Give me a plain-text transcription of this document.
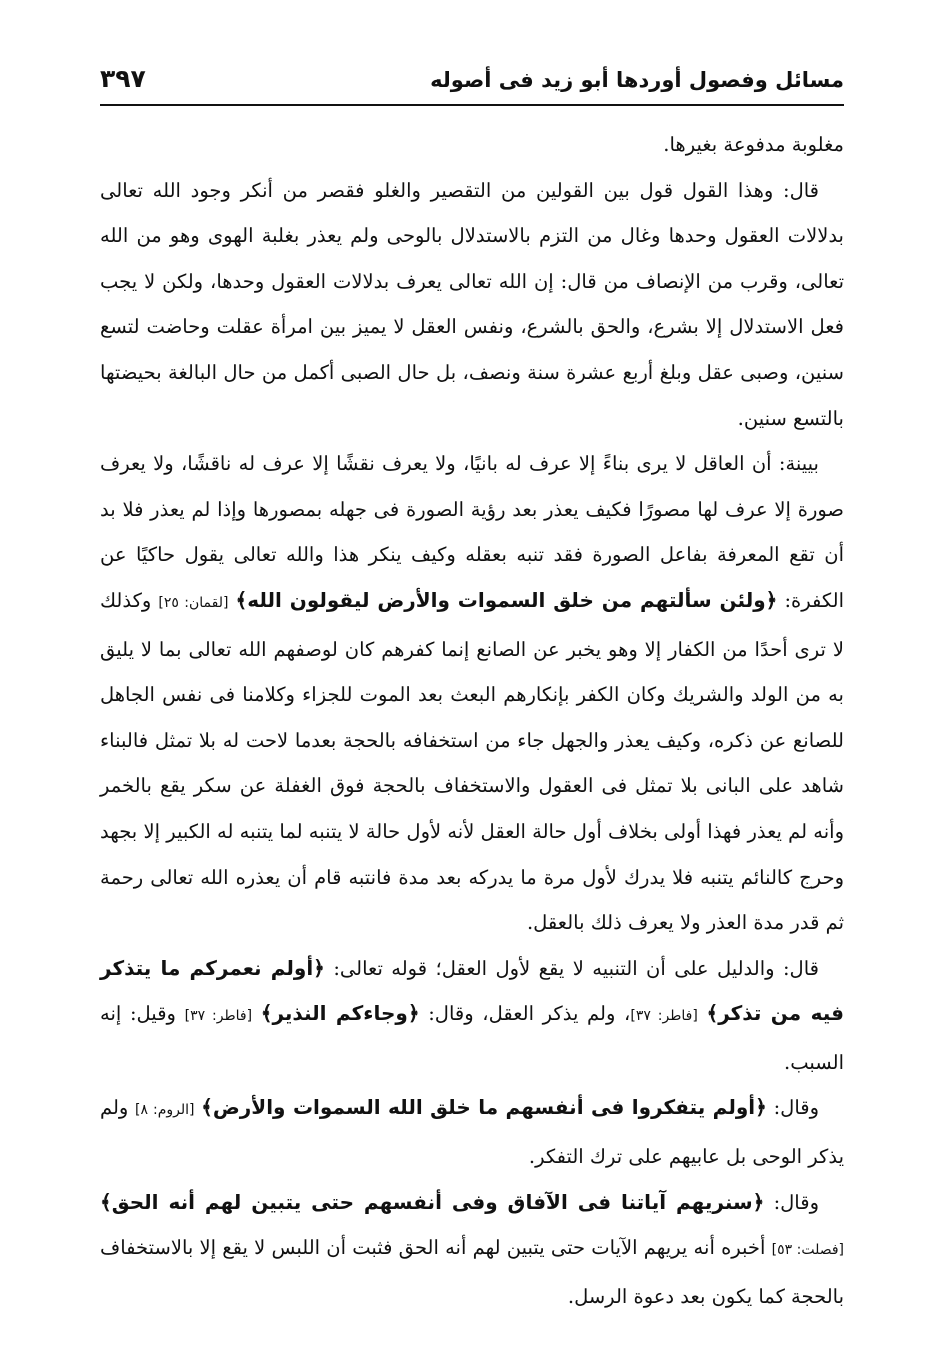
مسائل وفصول أوردها أبو زيد فى أصوله
٣٩٧

مغلوبة مدفوعة بغيرها.

قال: وهذا القول قول بين القولين من التقصير والغلو فقصر من أنكر وجود الله تعالى بدلالات العقول وحدها وغال من التزم بالاستدلال بالوحى ولم يعذر بغلبة الهوى وهو من الله تعالى، وقرب من الإنصاف من قال: إن الله تعالى يعرف بدلالات العقول وحدها، ولكن لا يجب فعل الاستدلال إلا بشرع، والحق بالشرع، ونفس العقل لا يميز بين امرأة عقلت وحاضت لتسع سنين، وصبى عقل وبلغ أربع عشرة سنة ونصف، بل حال الصبى أكمل من حال البالغة بحيضتها بالتسع سنين.

بيينة: أن العاقل لا يرى بناءً إلا عرف له بانيًا، ولا يعرف نقشًا إلا عرف له ناقشًا، ولا يعرف صورة إلا عرف لها مصورًا فكيف يعذر بعد رؤية الصورة فى جهله بمصورها وإذا لم يعذر فلا بد أن تقع المعرفة بفاعل الصورة فقد تنبه بعقله وكيف ينكر هذا والله تعالى يقول حاكيًا عن الكفرة: ﴿ولئن سألتهم من خلق السموات والأرض ليقولون الله﴾ [لقمان: ٢٥] وكذلك لا ترى أحدًا من الكفار إلا وهو يخبر عن الصانع إنما كفرهم كان لوصفهم الله تعالى بما لا يليق به من الولد والشريك وكان الكفر بإنكارهم البعث بعد الموت للجزاء وكلامنا فى نفس الجاهل للصانع عن ذكره، وكيف يعذر والجهل جاء من استخفافه بالحجة بعدما لاحت له بلا تمثل فالبناء شاهد على البانى بلا تمثل فى العقول والاستخفاف بالحجة فوق الغفلة عن سكر يقع بالخمر وأنه لم يعذر فهذا أولى بخلاف أول حالة العقل لأنه لأول حالة لا يتنبه لما يتنبه له الكبير إلا بجهد وحرج كالنائم يتنبه فلا يدرك لأول مرة ما يدركه بعد مدة فانتبه قام أن يعذره الله تعالى رحمة ثم قدر مدة العذر ولا يعرف ذلك بالعقل.

قال: والدليل على أن التنبيه لا يقع لأول العقل؛ قوله تعالى: ﴿أولم نعمركم ما يتذكر فيه من تذكر﴾ [فاطر: ٣٧]، ولم يذكر العقل، وقال: ﴿وجاءكم النذير﴾ [فاطر: ٣٧] وقيل: إنه السبب.

وقال: ﴿أولم يتفكروا فى أنفسهم ما خلق الله السموات والأرض﴾ [الروم: ٨] ولم يذكر الوحى بل عابيهم على ترك التفكر.

وقال: ﴿سنريهم آياتنا فى الآفاق وفى أنفسهم حتى يتبين لهم أنه الحق﴾ [فصلت: ٥٣] أخبره أنه يريهم الآيات حتى يتبين لهم أنه الحق فثبت أن اللبس لا يقع إلا بالاستخفاف بالحجة كما يكون بعد دعوة الرسل.
